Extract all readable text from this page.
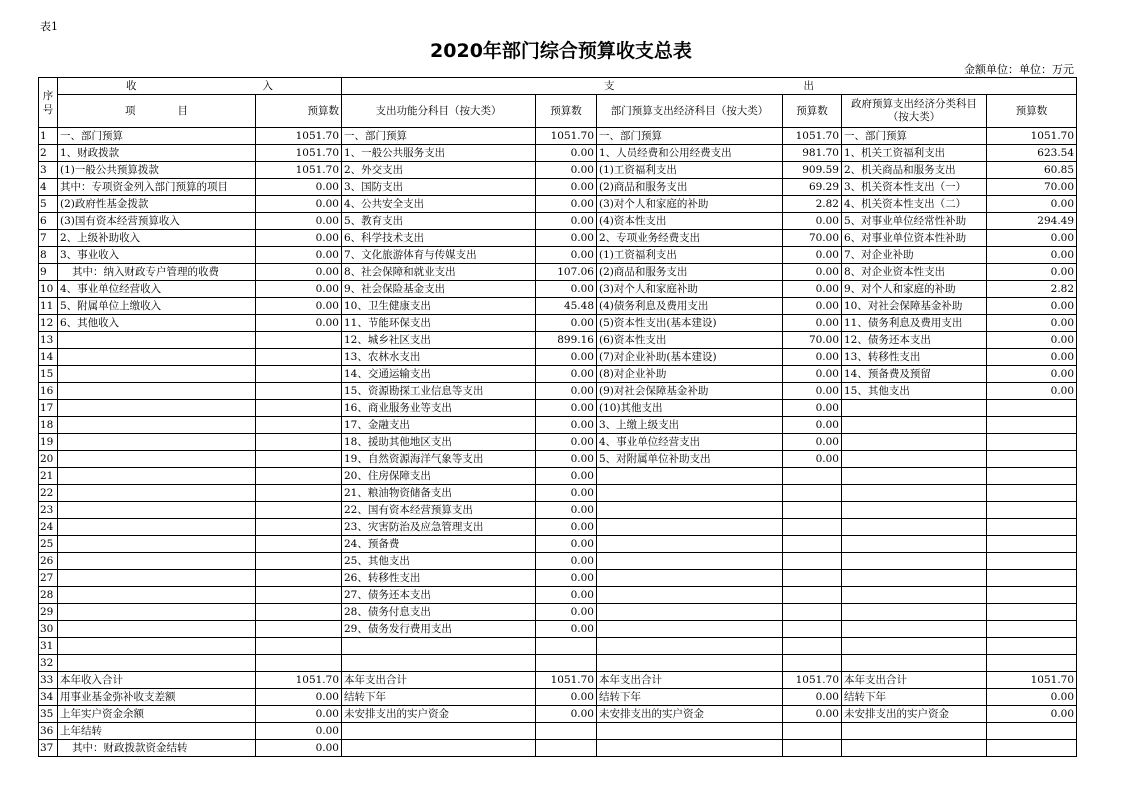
表1
2020年部门综合预算收支总表
金额单位：单位：万元
序号	收　　　　　　　　　　　　入		支　　　　　　　　　　　　　　　　　　出					
	项　　　　目	预算数	支出功能分科目（按大类）	预算数	部门预算支出经济科目（按大类）	预算数	政府预算支出经济分类科目（按大类）	预算数
1	一、部门预算	1051.70	一、部门预算	1051.70	一、部门预算	1051.70	一、部门预算	1051.70
2	1、财政拨款	1051.70	1、一般公共服务支出	0.00	1、人员经费和公用经费支出	981.70	1、机关工资福利支出	623.54
3	(1)一般公共预算拨款	1051.70	2、外交支出	0.00	(1)工资福利支出	909.59	2、机关商品和服务支出	60.85
4	其中：专项资金列入部门预算的项目	0.00	3、国防支出	0.00	(2)商品和服务支出	69.29	3、机关资本性支出（一）	70.00
5	(2)政府性基金拨款	0.00	4、公共安全支出	0.00	(3)对个人和家庭的补助	2.82	4、机关资本性支出（二）	0.00
6	(3)国有资本经营预算收入	0.00	5、教育支出	0.00	(4)资本性支出	0.00	5、对事业单位经常性补助	294.49
7	2、上级补助收入	0.00	6、科学技术支出	0.00	2、专项业务经费支出	70.00	6、对事业单位资本性补助	0.00
8	3、事业收入	0.00	7、文化旅游体育与传媒支出	0.00	(1)工资福利支出	0.00	7、对企业补助	0.00
9	其中：纳入财政专户管理的收费	0.00	8、社会保障和就业支出	107.06	(2)商品和服务支出	0.00	8、对企业资本性支出	0.00
10	4、事业单位经营收入	0.00	9、社会保险基金支出	0.00	(3)对个人和家庭补助	0.00	9、对个人和家庭的补助	2.82
11	5、附属单位上缴收入	0.00	10、卫生健康支出	45.48	(4)债务利息及费用支出	0.00	10、对社会保障基金补助	0.00
12	6、其他收入	0.00	11、节能环保支出	0.00	(5)资本性支出(基本建设)	0.00	11、债务利息及费用支出	0.00
13			12、城乡社区支出	899.16	(6)资本性支出	70.00	12、债务还本支出	0.00
14			13、农林水支出	0.00	(7)对企业补助(基本建设)	0.00	13、转移性支出	0.00
15			14、交通运输支出	0.00	(8)对企业补助	0.00	14、预备费及预留	0.00
16			15、资源勘探工业信息等支出	0.00	(9)对社会保障基金补助	0.00	15、其他支出	0.00
17			16、商业服务业等支出	0.00	(10)其他支出	0.00		
18			17、金融支出	0.00	3、上缴上级支出	0.00		
19			18、援助其他地区支出	0.00	4、事业单位经营支出	0.00		
20			19、自然资源海洋气象等支出	0.00	5、对附属单位补助支出	0.00		
21			20、住房保障支出	0.00				
22			21、粮油物资储备支出	0.00				
23			22、国有资本经营预算支出	0.00				
24			23、灾害防治及应急管理支出	0.00				
25			24、预备费	0.00				
26			25、其他支出	0.00				
27			26、转移性支出	0.00				
28			27、债务还本支出	0.00				
29			28、债务付息支出	0.00				
30			29、债务发行费用支出	0.00				
31								
32								
33	本年收入合计	1051.70	本年支出合计	1051.70	本年支出合计	1051.70	本年支出合计	1051.70
34	用事业基金弥补收支差额	0.00	结转下年	0.00	结转下年	0.00	结转下年	0.00
35	上年实户资金余额	0.00	未安排支出的实户资金	0.00	未安排支出的实户资金	0.00	未安排支出的实户资金	0.00
36	上年结转	0.00						
37	其中：财政拨款资金结转	0.00						
